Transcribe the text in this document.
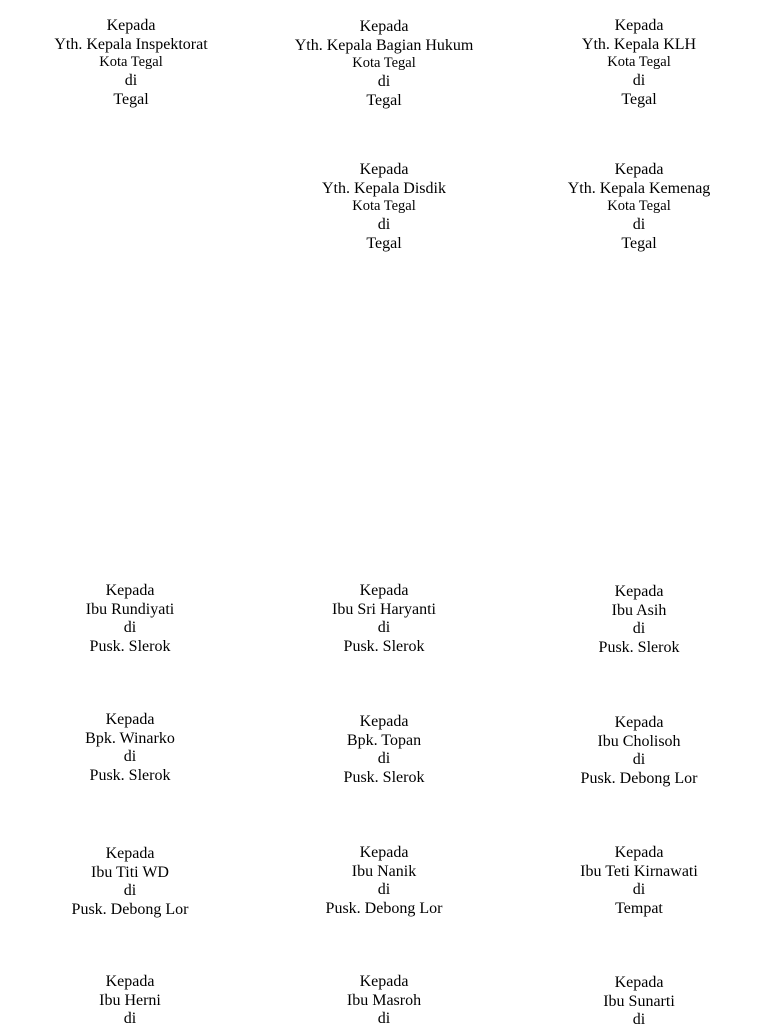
Kepada
Yth. Kepala Inspektorat
Kota Tegal
di
Tegal
Kepada
Yth. Kepala Bagian Hukum
Kota Tegal
di
Tegal
Kepada
Yth. Kepala KLH
Kota Tegal
di
Tegal
Kepada
Yth. Kepala Disdik
Kota Tegal
di
Tegal
Kepada
Yth. Kepala Kemenag
Kota Tegal
di
Tegal
Kepada
Ibu Rundiyati
di
Pusk. Slerok
Kepada
Ibu Sri Haryanti
di
Pusk. Slerok
Kepada
Ibu Asih
di
Pusk. Slerok
Kepada
Bpk. Winarko
di
Pusk. Slerok
Kepada
Bpk. Topan
di
Pusk. Slerok
Kepada
Ibu Cholisoh
di
Pusk. Debong Lor
Kepada
Ibu Titi WD
di
Pusk. Debong Lor
Kepada
Ibu Nanik
di
Pusk. Debong Lor
Kepada
Ibu Teti Kirnawati
di
Tempat
Kepada
Ibu Herni
di
Kepada
Ibu Masroh
di
Kepada
Ibu Sunarti
di
